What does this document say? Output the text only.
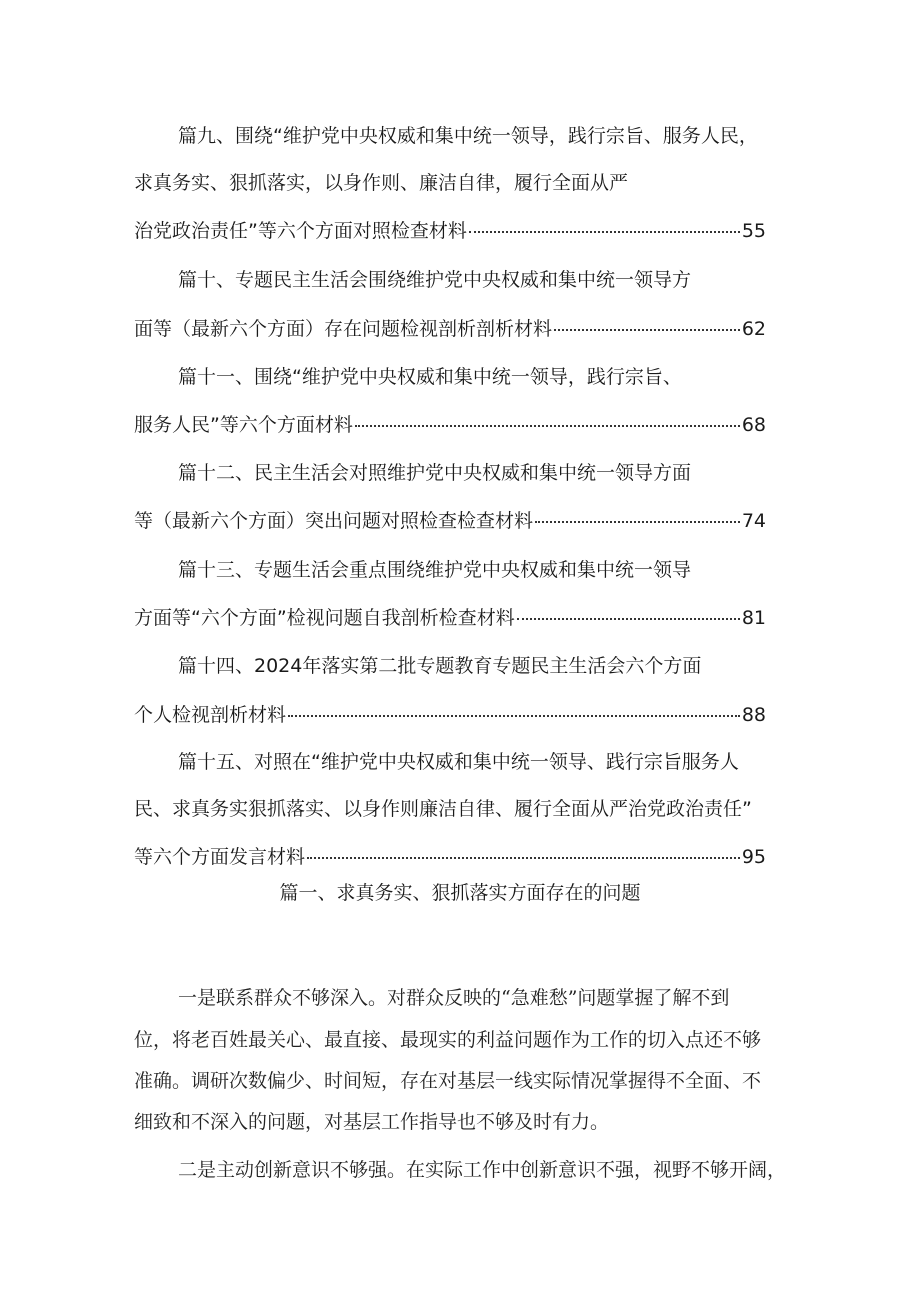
篇九、围绕“维护党中央权威和集中统一领导，践行宗旨、服务人民，
求真务实、狠抓落实，以身作则、廉洁自律，履行全面从严
治党政治责任”等六个方面对照检查材料	55
篇十、专题民主生活会围绕维护党中央权威和集中统一领导方
面等（最新六个方面）存在问题检视剖析剖析材料	62
篇十一、围绕“维护党中央权威和集中统一领导，践行宗旨、
服务人民”等六个方面材料	68
篇十二、民主生活会对照维护党中央权威和集中统一领导方面
等（最新六个方面）突出问题对照检查检查材料	74
篇十三、专题生活会重点围绕维护党中央权威和集中统一领导
方面等“六个方面”检视问题自我剖析检查材料	81
篇十四、2024年落实第二批专题教育专题民主生活会六个方面
个人检视剖析材料	88
篇十五、对照在“维护党中央权威和集中统一领导、践行宗旨服务人
民、求真务实狠抓落实、以身作则廉洁自律、履行全面从严治党政治责任”
等六个方面发言材料	95
篇一、求真务实、狠抓落实方面存在的问题
一是联系群众不够深入。对群众反映的“急难愁”问题掌握了解不到
位，将老百姓最关心、最直接、最现实的利益问题作为工作的切入点还不够
准确。调研次数偏少、时间短，存在对基层一线实际情况掌握得不全面、不
细致和不深入的问题，对基层工作指导也不够及时有力。
二是主动创新意识不够强。在实际工作中创新意识不强，视野不够开阔，
